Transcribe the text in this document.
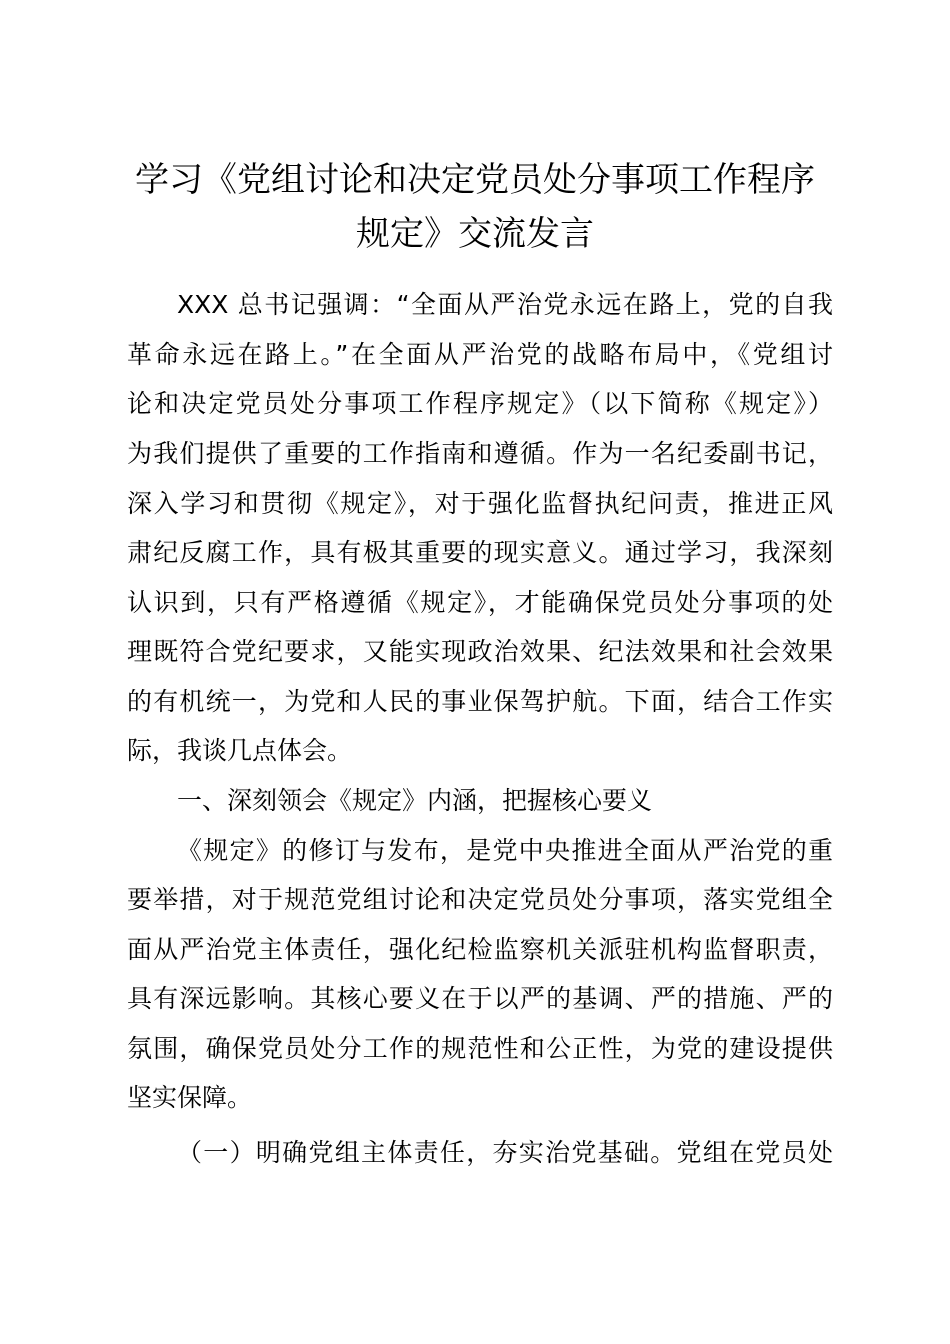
学习《党组讨论和决定党员处分事项工作程序
规定》交流发言
XXX 总书记强调：“全面从严治党永远在路上，党的自我
革命永远在路上。”在全面从严治党的战略布局中，《党组讨
论和决定党员处分事项工作程序规定》（以下简称《规定》）
为我们提供了重要的工作指南和遵循。作为一名纪委副书记，
深入学习和贯彻《规定》，对于强化监督执纪问责，推进正风
肃纪反腐工作，具有极其重要的现实意义。通过学习，我深刻
认识到，只有严格遵循《规定》，才能确保党员处分事项的处
理既符合党纪要求，又能实现政治效果、纪法效果和社会效果
的有机统一，为党和人民的事业保驾护航。下面，结合工作实
际，我谈几点体会。
一、深刻领会《规定》内涵，把握核心要义
《规定》的修订与发布，是党中央推进全面从严治党的重
要举措，对于规范党组讨论和决定党员处分事项，落实党组全
面从严治党主体责任，强化纪检监察机关派驻机构监督职责，
具有深远影响。其核心要义在于以严的基调、严的措施、严的
氛围，确保党员处分工作的规范性和公正性，为党的建设提供
坚实保障。
（一）明确党组主体责任，夯实治党基础。党组在党员处
